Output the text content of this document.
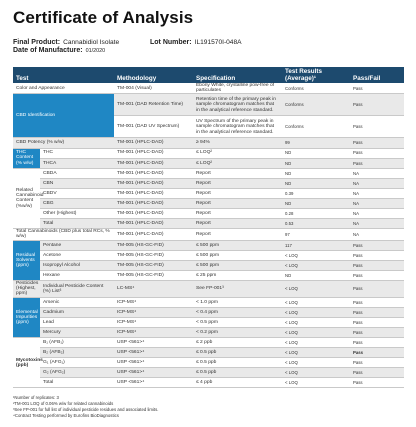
Certificate of Analysis
Final Product: Cannabidiol Isolate	Lot Number: IL191570I-048A
Date of Manufacture: 01/2020
Test		Methodology	Specification	Test Results (Average)¹	Pass/Fail
Color and Appearance		TM-004 (Visual)	Ebony White, crystalline pow-free of particulates	Conforms	Pass
CBD Identification		TM-001 (DAD Retention Time)	Retention time of the primary peak in sample chromatogram matches that in the analytical reference standard.	Conforms	Pass
		TM-001 (DAD UV Spectrum)	UV Spectrum of the primary peak in sample chromatogram matches that in the analytical reference standard.	Conforms	Pass
CBD Potency (% w/w)		TM-001 (HPLC-DAD)	≥ 94%	99	Pass
THC Content (% w/w)	THC	TM-001 (HPLC-DAD)	≤ LOQ²	ND	Pass
	THCA	TM-001 (HPLC-DAD)	≤ LOQ²	ND	Pass
Related Cannabinoid Content (%w/w)	CBDA	TM-001 (HPLC-DAD)	Report	ND	NA
	CBN	TM-001 (HPLC-DAD)	Report	ND	NA
	CBDV	TM-001 (HPLC-DAD)	Report	0.39	NA
	CBG	TM-001 (HPLC-DAD)	Report	ND	NA
	Other (Highest)	TM-001 (HPLC-DAD)	Report	0.28	NA
	Total	TM-001 (HPLC-DAD)	Report	0.53	NA
Total Cannabinoids (CBD plus total RCs, % w/w)		TM-001 (HPLC-DAD)	Report	97	NA
Residual Solvents (ppm)	Pentane	TM-005 (HS-GC-FID)	≤ 500 ppm	117	Pass
	Acetone	TM-005 (HS-GC-FID)	≤ 500 ppm	< LOQ	Pass
	Isopropyl Alcohol	TM-005 (HS-GC-FID)	≤ 500 ppm	< LOQ	Pass
	Hexane	TM-005 (HS-GC-FID)	≤ 25 ppm	ND	Pass
Pesticides (Highest, ppm)	Individual Pesticide Content (%) List³	LC-MS⁴	See FP-001³	< LOQ	Pass
Elemental Impurities (ppm)	Arsenic	ICP-MS⁴	< 1.0 ppm	< LOQ	Pass
	Cadmium	ICP-MS⁴	< 0.4 ppm	< LOQ	Pass
	Lead	ICP-MS⁴	< 0.5 ppm	< LOQ	Pass
	Mercury	ICP-MS⁴	< 0.2 ppm	< LOQ	Pass
Mycotoxins (ppb)	B₁ (AFB₁)	USP <561>⁴	≤ 2 ppb	< LOQ	Pass
	B₂ (AFB₂)	USP <561>⁴	≤ 0.5 ppb	< LOQ	Pass
	G₁ (AFG₁)	USP <561>⁴	≤ 0.5 ppb	< LOQ	Pass
	G₂ (AFG₂)	USP <561>⁴	≤ 0.5 ppb	< LOQ	Pass
	Total	USP <561>⁴	≤ 4 ppb	< LOQ	Pass
¹Number of replicates: 3
²TM-001 LOQ of 0.06% w/w for related cannabinoids
³See FP-001 for full list of individual pesticide residues and associated limits.
⁴Contract Testing performed by Eurofins BioDiagnostics
